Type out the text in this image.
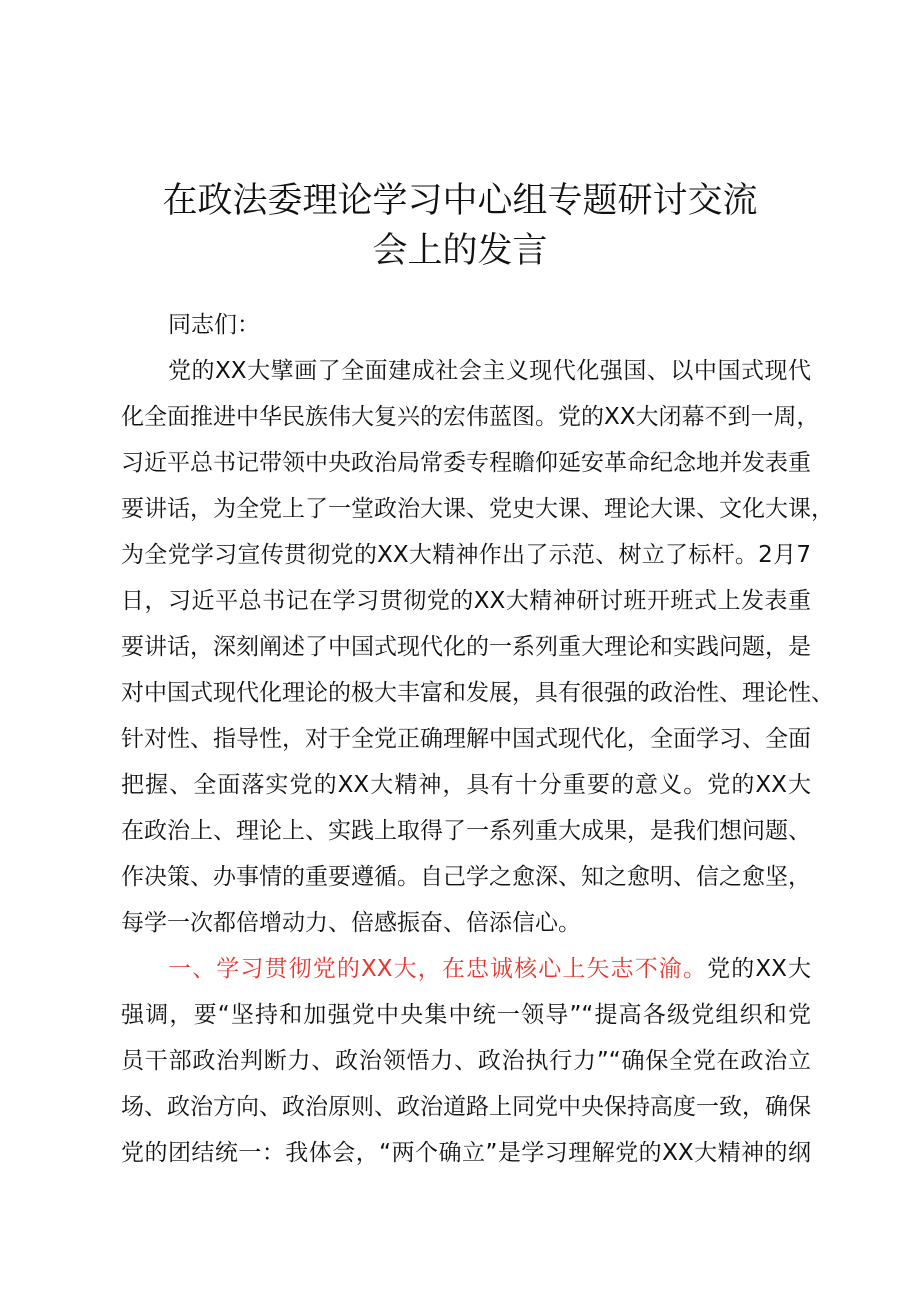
在政法委理论学习中心组专题研讨交流
会上的发言
同志们：
党的XX大擘画了全面建成社会主义现代化强国、以中国式现代
化全面推进中华民族伟大复兴的宏伟蓝图。党的XX大闭幕不到一周，
习近平总书记带领中央政治局常委专程瞻仰延安革命纪念地并发表重
要讲话，为全党上了一堂政治大课、党史大课、理论大课、文化大课，
为全党学习宣传贯彻党的XX大精神作出了示范、树立了标杆。2月7
日，习近平总书记在学习贯彻党的XX大精神研讨班开班式上发表重
要讲话，深刻阐述了中国式现代化的一系列重大理论和实践问题，是
对中国式现代化理论的极大丰富和发展，具有很强的政治性、理论性、
针对性、指导性，对于全党正确理解中国式现代化，全面学习、全面
把握、全面落实党的XX大精神，具有十分重要的意义。党的XX大
在政治上、理论上、实践上取得了一系列重大成果，是我们想问题、
作决策、办事情的重要遵循。自己学之愈深、知之愈明、信之愈坚，
每学一次都倍增动力、倍感振奋、倍添信心。
一、学习贯彻党的XX大，在忠诚核心上矢志不渝。党的XX大
强调，要“坚持和加强党中央集中统一领导”“提高各级党组织和党
员干部政治判断力、政治领悟力、政治执行力”“确保全党在政治立
场、政治方向、政治原则、政治道路上同党中央保持高度一致，确保
党的团结统一：我体会，“两个确立”是学习理解党的XX大精神的纲
